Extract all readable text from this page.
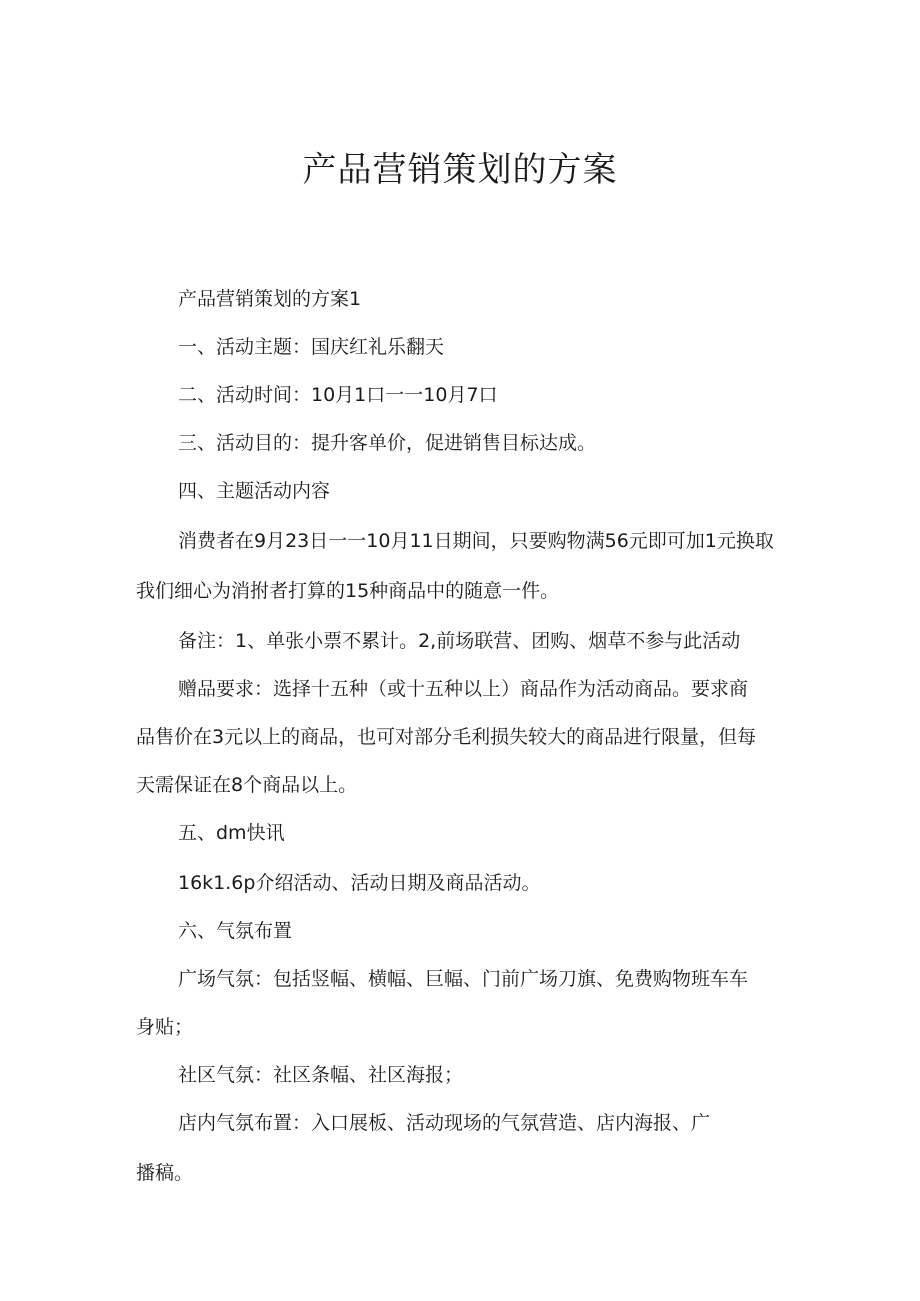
产品营销策划的方案

产品营销策划的方案1

一、活动主题：国庆红礼乐翻天

二、活动时间：10月1口一一10月7口

三、活动目的：提升客单价，促进销售目标达成。

四、主题活动内容

消费者在9月23日一一10月11日期间，只要购物满56元即可加1元换取

我们细心为消拊者打算的15种商品中的随意一件。

备注：1、单张小票不累计。2,前场联营、团购、烟草不参与此活动

赠品要求：选择十五种（或十五种以上）商品作为活动商品。要求商

品售价在3元以上的商品，也可对部分毛利损失较大的商品进行限量，但每

天需保证在8个商品以上。

五、dm快讯

16k1.6p介绍活动、活动日期及商品活动。

六、气氛布置

广场气氛：包括竖幅、横幅、巨幅、门前广场刀旗、免费购物班车车

身贴；

社区气氛：社区条幅、社区海报；

店内气氛布置：入口展板、活动现场的气氛营造、店内海报、广

播稿。
